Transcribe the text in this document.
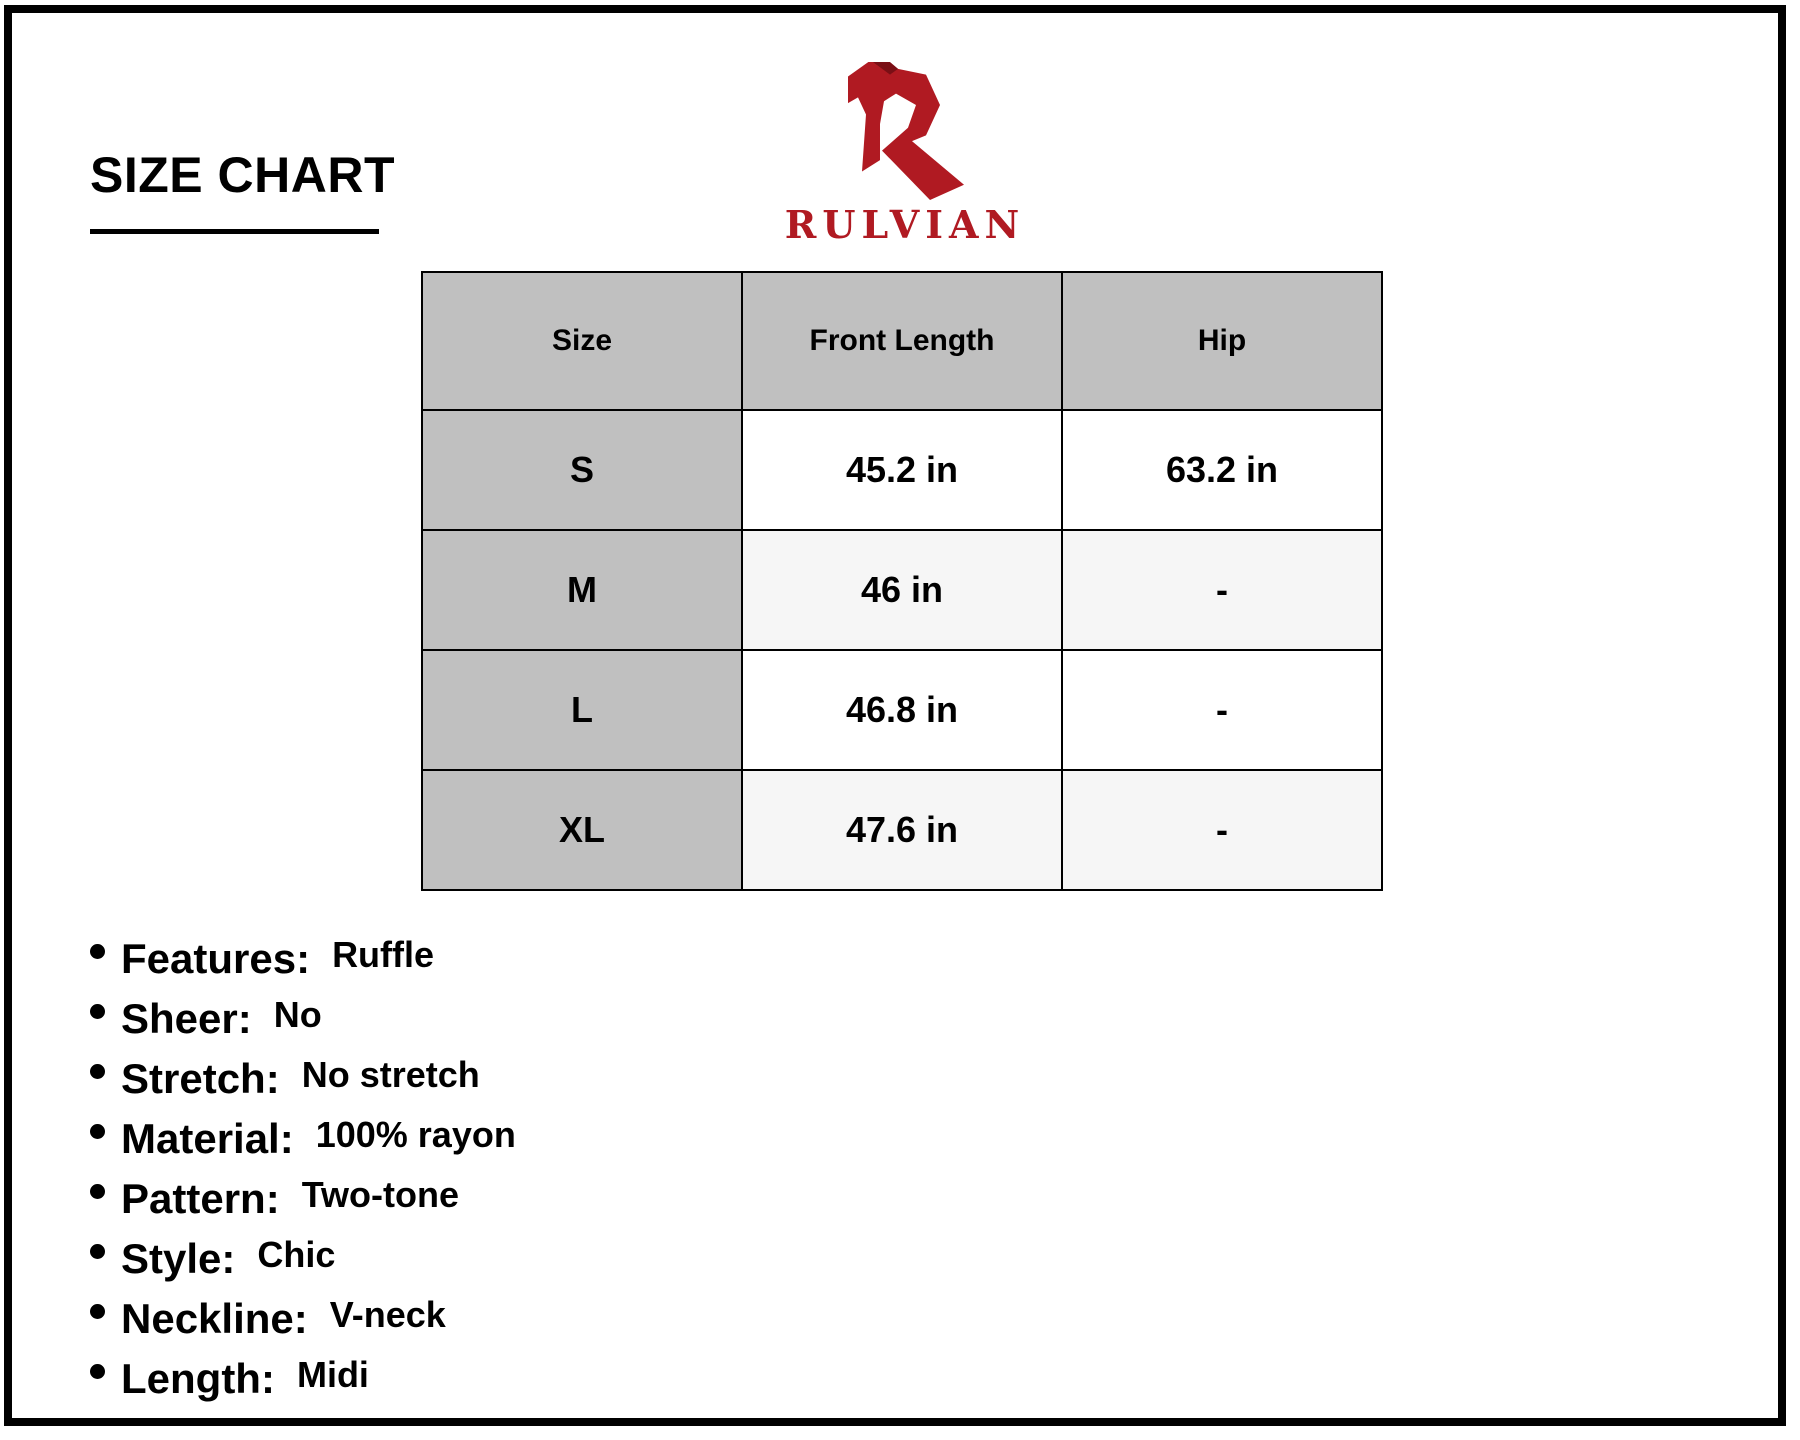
SIZE CHART
RULVIAN
Size	Front Length	Hip
S	45.2 in	63.2 in
M	46 in	-
L	46.8 in	-
XL	47.6 in	-
Features: Ruffle
Sheer: No
Stretch: No stretch
Material: 100% rayon
Pattern: Two-tone
Style: Chic
Neckline: V-neck
Length: Midi
